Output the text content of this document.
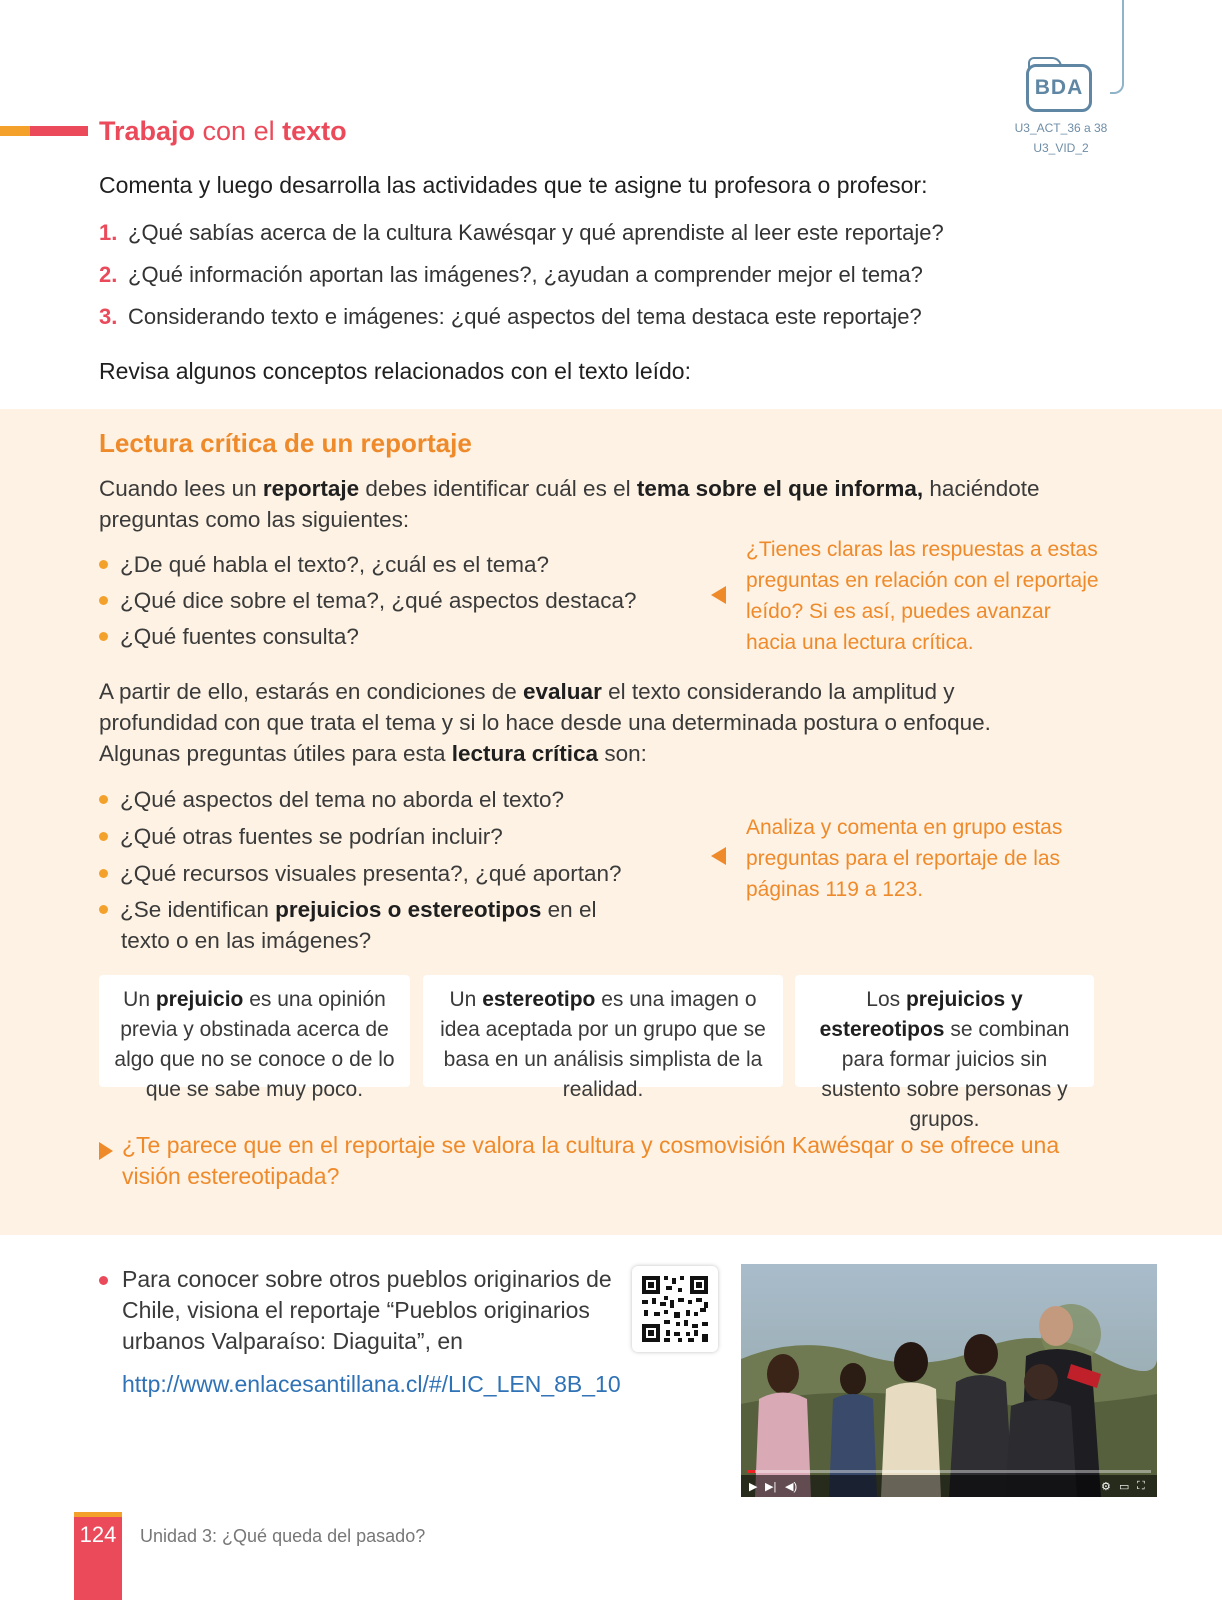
BDA
U3_ACT_36 a 38
U3_VID_2
Trabajo con el texto
Comenta y luego desarrolla las actividades que te asigne tu profesora o profesor:
1. ¿Qué sabías acerca de la cultura Kawésqar y qué aprendiste al leer este reportaje?
2. ¿Qué información aportan las imágenes?, ¿ayudan a comprender mejor el tema?
3. Considerando texto e imágenes: ¿qué aspectos del tema destaca este reportaje?
Revisa algunos conceptos relacionados con el texto leído:
Lectura crítica de un reportaje
Cuando lees un reportaje debes identificar cuál es el tema sobre el que informa, haciéndote preguntas como las siguientes:
¿De qué habla el texto?, ¿cuál es el tema?
¿Qué dice sobre el tema?, ¿qué aspectos destaca?
¿Qué fuentes consulta?
¿Tienes claras las respuestas a estas preguntas en relación con el reportaje leído? Si es así, puedes avanzar hacia una lectura crítica.
A partir de ello, estarás en condiciones de evaluar el texto considerando la amplitud y profundidad con que trata el tema y si lo hace desde una determinada postura o enfoque. Algunas preguntas útiles para esta lectura crítica son:
¿Qué aspectos del tema no aborda el texto?
¿Qué otras fuentes se podrían incluir?
¿Qué recursos visuales presenta?, ¿qué aportan?
¿Se identifican prejuicios o estereotipos en el
texto o en las imágenes?
Analiza y comenta en grupo estas preguntas para el reportaje de las páginas 119 a 123.
Un prejuicio es una opinión previa y obstinada acerca de algo que no se conoce o de lo que se sabe muy poco.
Un estereotipo es una imagen o idea aceptada por un grupo que se basa en un análisis simplista de la realidad.
Los prejuicios y estereotipos se combinan para formar juicios sin sustento sobre personas y grupos.
¿Te parece que en el reportaje se valora la cultura y cosmovisión Kawésqar o se ofrece una visión estereotipada?
Para conocer sobre otros pueblos originarios de Chile, visiona el reportaje “Pueblos originarios urbanos Valparaíso: Diaguita”, en
http://www.enlacesantillana.cl/#/LIC_LEN_8B_10
▶ ▶| ◀)	⚙ ▭ ⛶
124	Unidad 3: ¿Qué queda del pasado?
